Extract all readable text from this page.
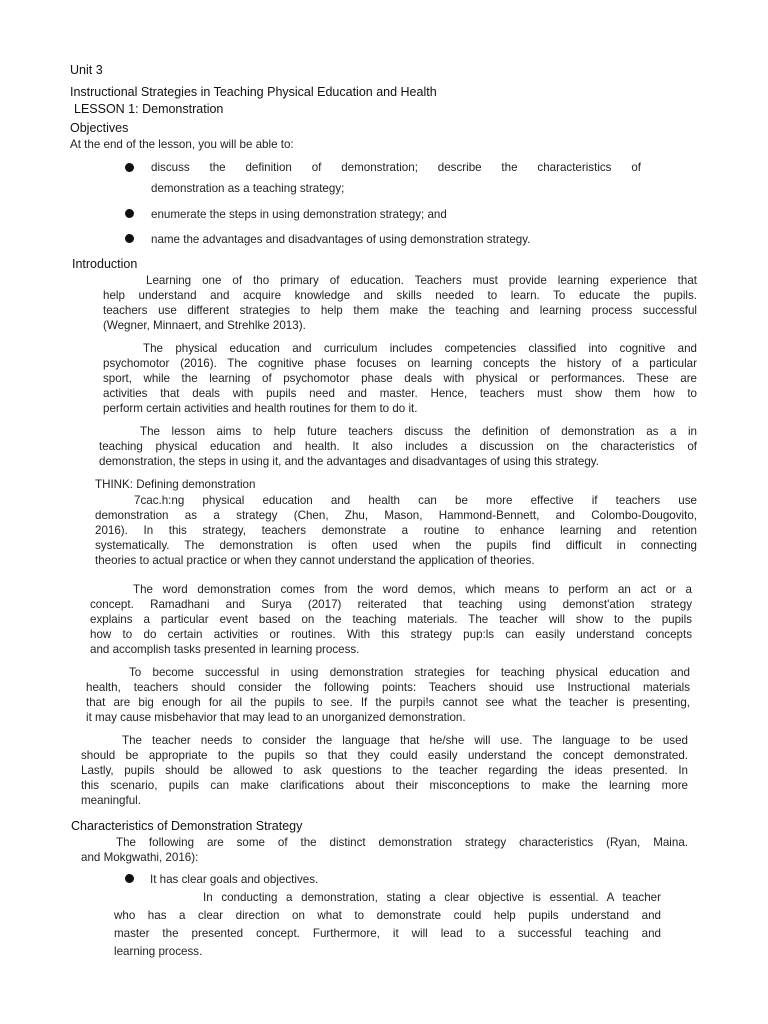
Unit 3
Instructional Strategies in Teaching Physical Education and Health
LESSON 1: Demonstration
Objectives
At the end of the lesson, you will be able to:
discuss the definition of demonstration; describe the characteristics of
demonstration as a teaching strategy;
enumerate the steps in using demonstration strategy; and
name the advantages and disadvantages of using demonstration strategy.
Introduction
Learning one of tho primary of education. Teachers must provide learning experience that
help understand and acquire knowledge and skills needed to learn. To educate the pupils.
teachers use different strategies to help them make the teaching and learning process successful
(Wegner, Minnaert, and Strehlke 2013).
The physical education and curriculum includes competencies classified into cognitive and
psychomotor (2016). The cognitive phase focuses on learning concepts the history of a particular
sport, while the learning of psychomotor phase deals with physical or performances. These are
activities that deals with pupils need and master. Hence, teachers must show them how to
perform certain activities and health routines for them to do it.
The lesson aims to help future teachers discuss the definition of demonstration as a in
teaching physical education and health. It also includes a discussion on the characteristics of
demonstration, the steps in using it, and the advantages and disadvantages of using this strategy.
THINK: Defining demonstration
7cac.h:ng physical education and health can be more effective if teachers use
demonstration as a strategy (Chen, Zhu, Mason, Hammond-Bennett, and Colombo-Dougovito,
2016). In this strategy, teachers demonstrate a routine to enhance learning and retention
systematically. The demonstration is often used when the pupils find difficult in connecting
theories to actual practice or when they cannot understand the application of theories.
The word demonstration comes from the word demos, which means to perform an act or a
concept. Ramadhani and Surya (2017) reiterated that teaching using demonst'ation strategy
explains a particular event based on the teaching materials. The teacher will show to the pupils
how to do certain activities or routines. With this strategy pup:ls can easily understand concepts
and accomplish tasks presented in learning process.
To become successful in using demonstration strategies for teaching physical education and
health, teachers should consider the following points: Teachers shouid use Instructional materials
that are big enough for ail the pupils to see. If the purpi!s cannot see what the teacher is presenting,
it may cause misbehavior that may lead to an unorganized demonstration.
The teacher needs to consider the language that he/she will use. The language to be used
should be appropriate to the pupils so that they could easily understand the concept demonstrated.
Lastly, pupils should be allowed to ask questions to the teacher regarding the ideas presented. In
this scenario, pupils can make clarifications about their misconceptions to make the learning more
meaningful.
Characteristics of Demonstration Strategy
The following are some of the distinct demonstration strategy characteristics (Ryan, Maina.
and Mokgwathi, 2016):
It has clear goals and objectives.
In conducting a demonstration, stating a clear objective is essential. A teacher
who has a clear direction on what to demonstrate could help pupils understand and
master the presented concept. Furthermore, it will lead to a successful teaching and
learning process.
